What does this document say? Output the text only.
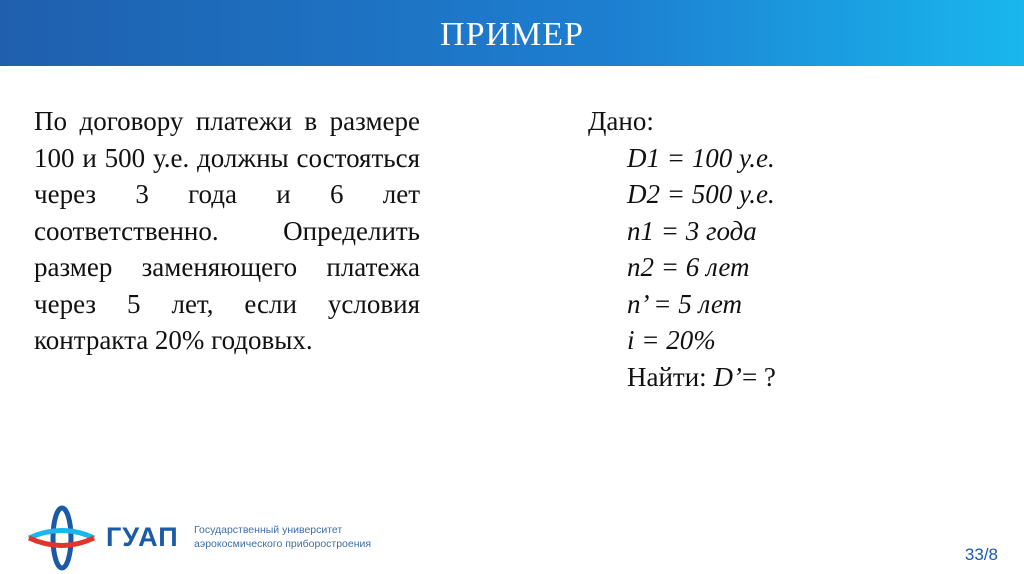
ПРИМЕР
По договору платежи в размере 100 и 500 у.е. должны состояться через 3 года и 6 лет соответственно. Определить размер заменяющего платежа через 5 лет, если условия контракта 20% годовых.
Дано:
D1 = 100 у.е.
D2 = 500 у.е.
n1 = 3 года
n2 = 6 лет
n’ = 5 лет
i = 20%
Найти: D’= ?
ГУАП Государственный университет
аэрокосмического приборостроения
33/8
